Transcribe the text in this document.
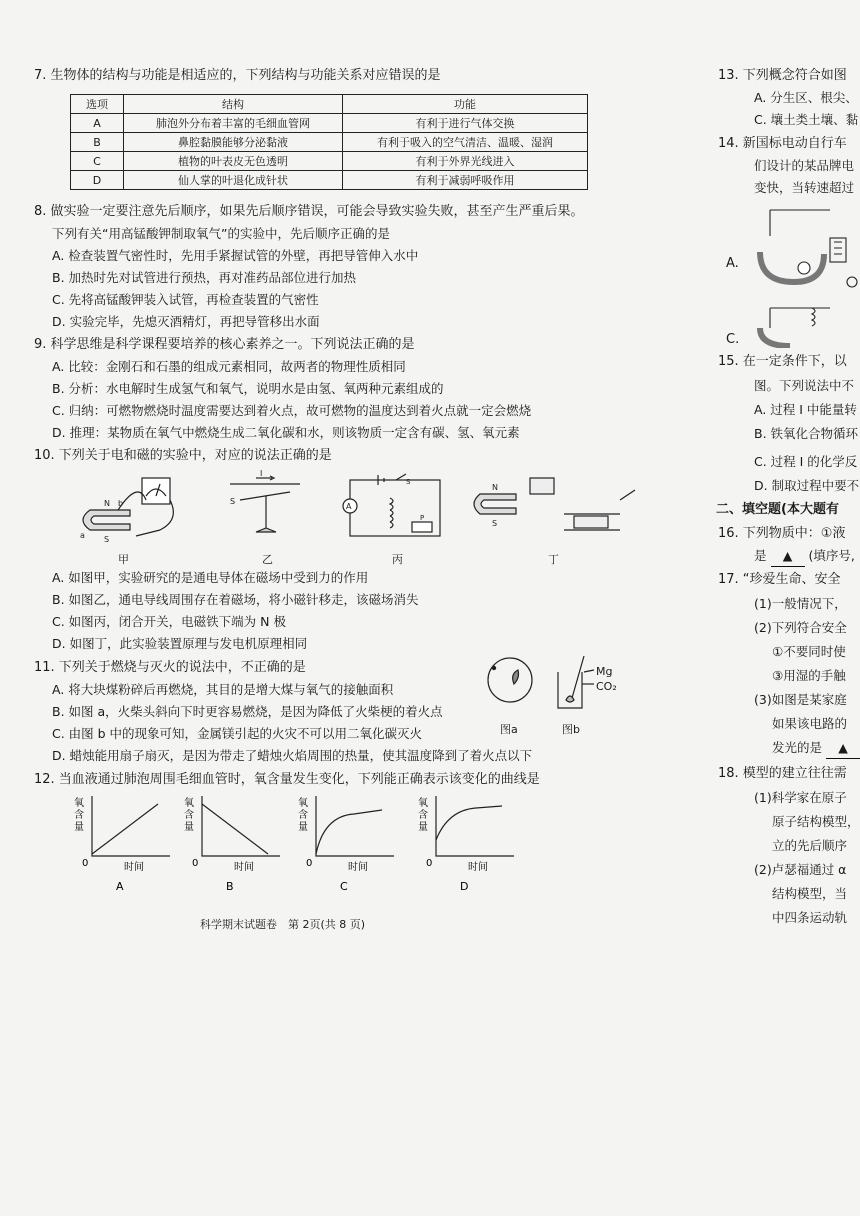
7. 生物体的结构与功能是相适应的，下列结构与功能关系对应错误的是
选项	结构	功能
A	肺泡外分布着丰富的毛细血管网	有利于进行气体交换
B	鼻腔黏膜能够分泌黏液	有利于吸入的空气清洁、温暖、湿润
C	植物的叶表皮无色透明	有利于外界光线进入
D	仙人掌的叶退化成针状	有利于减弱呼吸作用
8. 做实验一定要注意先后顺序，如果先后顺序错误，可能会导致实验失败，甚至产生严重后果。
下列有关“用高锰酸钾制取氧气”的实验中，先后顺序正确的是
A. 检查装置气密性时，先用手紧握试管的外壁，再把导管伸入水中
B. 加热时先对试管进行预热，再对准药品部位进行加热
C. 先将高锰酸钾装入试管，再检查装置的气密性
D. 实验完毕，先熄灭酒精灯，再把导管移出水面
9. 科学思维是科学课程要培养的核心素养之一。下列说法正确的是
A. 比较：金刚石和石墨的组成元素相同，故两者的物理性质相同
B. 分析：水电解时生成氢气和氧气，说明水是由氢、氧两种元素组成的
C. 归纳：可燃物燃烧时温度需要达到着火点，故可燃物的温度达到着火点就一定会燃烧
D. 推理：某物质在氧气中燃烧生成二氧化碳和水，则该物质一定含有碳、氢、氧元素
10. 下列关于电和磁的实验中，对应的说法正确的是
a
b
N
S
S
I
A
S
P
N
S
甲	乙	丙	丁
A. 如图甲，实验研究的是通电导体在磁场中受到力的作用
B. 如图乙，通电导线周围存在着磁场，将小磁针移走，该磁场消失
C. 如图丙，闭合开关，电磁铁下端为 N 极
D. 如图丁，此实验装置原理与发电机原理相同
11. 下列关于燃烧与灭火的说法中，不正确的是
A. 将大块煤粉碎后再燃烧，其目的是增大煤与氧气的接触面积
B. 如图 a，火柴头斜向下时更容易燃烧，是因为降低了火柴梗的着火点
C. 由图 b 中的现象可知，金属镁引起的火灾不可以用二氧化碳灭火
D. 蜡烛能用扇子扇灭，是因为带走了蜡烛火焰周围的热量，使其温度降到了着火点以下
图a	图b
Mg
CO₂
12. 当血液通过肺泡周围毛细血管时，氧含量发生变化，下列能正确表示该变化的曲线是
氧
含
量
0	时间
A
氧
含
量
0	时间
B
氧
含
量
0	时间
C
氧
含
量
0	时间
D
科学期末试题卷　第 2页(共 8 页)
13. 下列概念符合如图
A. 分生区、根尖、
C. 壤土类土壤、黏
14. 新国标电动自行车
们设计的某品牌电
变快，当转速超过
A.
C.
15. 在一定条件下，以
图。下列说法中不
A. 过程 I 中能量转
B. 铁氧化合物循环
C. 过程 I 的化学反
D. 制取过程中要不
二、填空题(本大题有
16. 下列物质中：①液
是 ▲ (填序号,
17. “珍爱生命、安全
(1)一般情况下，
(2)下列符合安全
①不要同时使
③用湿的手触
(3)如图是某家庭
如果该电路的
发光的是 ▲
18. 模型的建立往往需
(1)科学家在原子
原子结构模型，
立的先后顺序
(2)卢瑟福通过 α
结构模型，当
中四条运动轨
